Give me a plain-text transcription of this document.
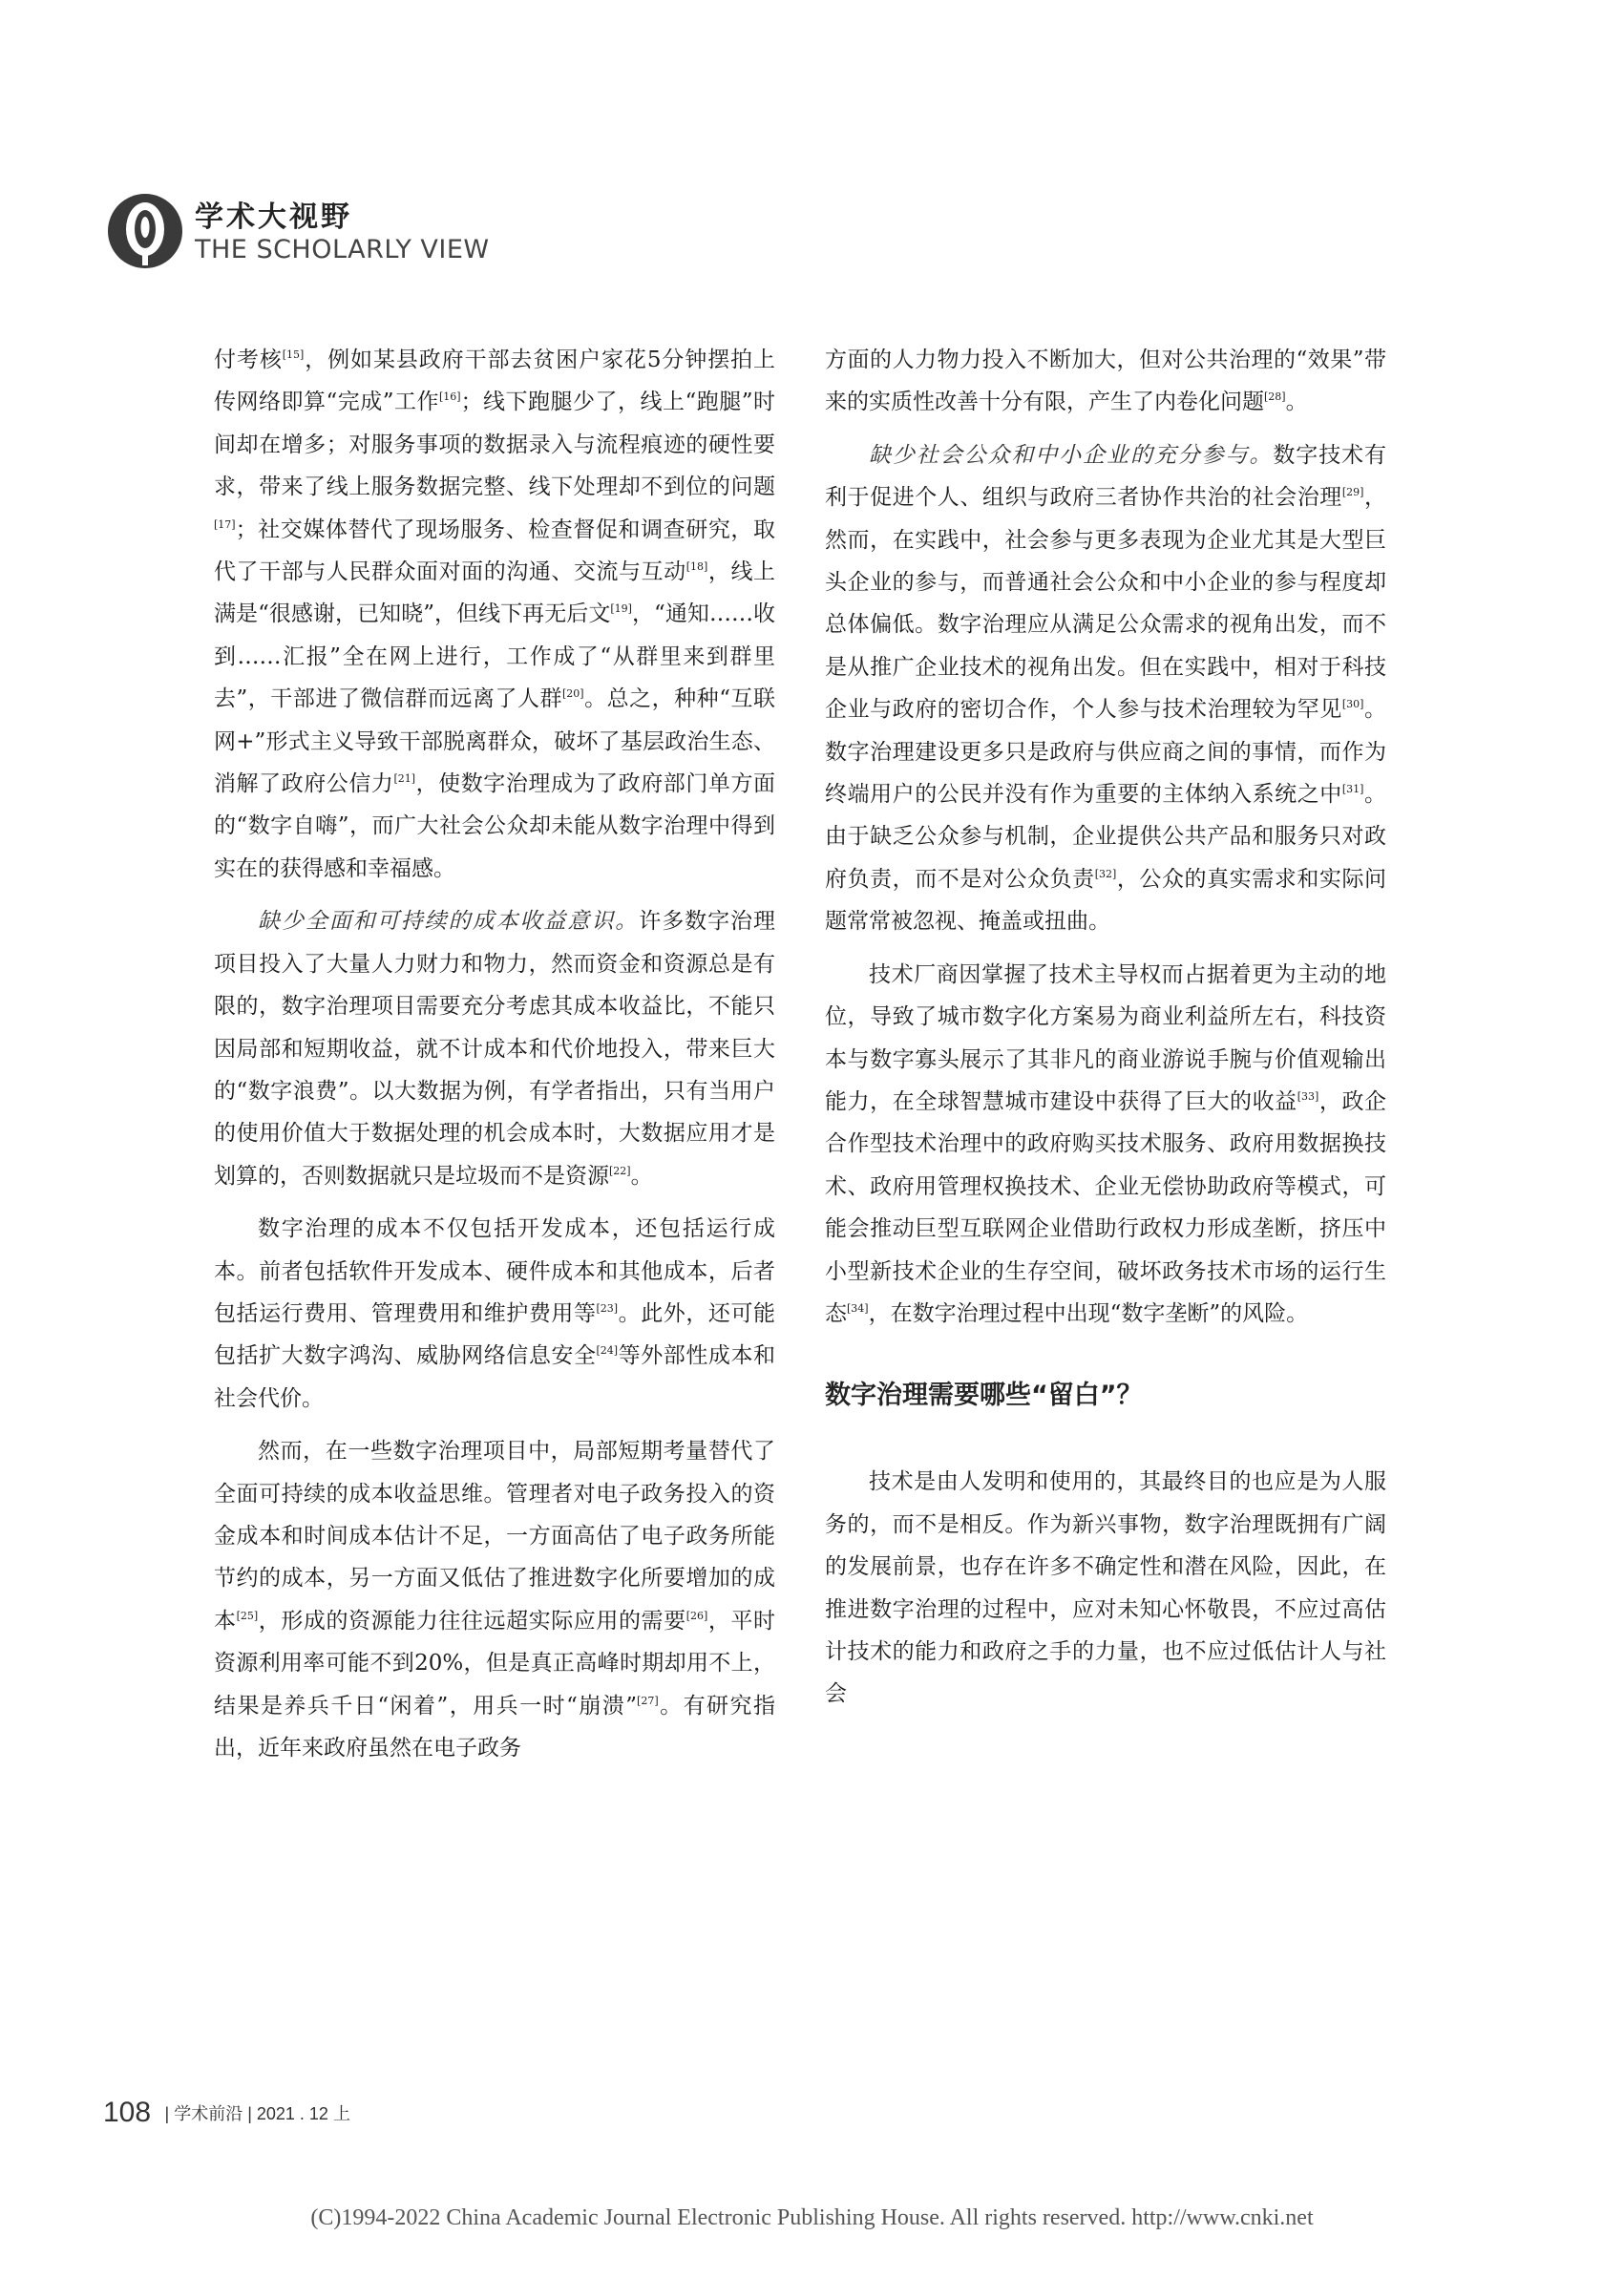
学术大视野
THE SCHOLARLY VIEW

付考核[15]，例如某县政府干部去贫困户家花5分钟摆拍上传网络即算“完成”工作[16]；线下跑腿少了，线上“跑腿”时间却在增多；对服务事项的数据录入与流程痕迹的硬性要求，带来了线上服务数据完整、线下处理却不到位的问题[17]；社交媒体替代了现场服务、检查督促和调查研究，取代了干部与人民群众面对面的沟通、交流与互动[18]，线上满是“很感谢，已知晓”，但线下再无后文[19]，“通知……收到……汇报”全在网上进行，工作成了“从群里来到群里去”，干部进了微信群而远离了人群[20]。总之，种种“互联网+”形式主义导致干部脱离群众，破坏了基层政治生态、消解了政府公信力[21]，使数字治理成为了政府部门单方面的“数字自嗨”，而广大社会公众却未能从数字治理中得到实在的获得感和幸福感。

缺少全面和可持续的成本收益意识。许多数字治理项目投入了大量人力财力和物力，然而资金和资源总是有限的，数字治理项目需要充分考虑其成本收益比，不能只因局部和短期收益，就不计成本和代价地投入，带来巨大的“数字浪费”。以大数据为例，有学者指出，只有当用户的使用价值大于数据处理的机会成本时，大数据应用才是划算的，否则数据就只是垃圾而不是资源[22]。

数字治理的成本不仅包括开发成本，还包括运行成本。前者包括软件开发成本、硬件成本和其他成本，后者包括运行费用、管理费用和维护费用等[23]。此外，还可能包括扩大数字鸿沟、威胁网络信息安全[24]等外部性成本和社会代价。

然而，在一些数字治理项目中，局部短期考量替代了全面可持续的成本收益思维。管理者对电子政务投入的资金成本和时间成本估计不足，一方面高估了电子政务所能节约的成本，另一方面又低估了推进数字化所要增加的成本[25]，形成的资源能力往往远超实际应用的需要[26]，平时资源利用率可能不到20%，但是真正高峰时期却用不上，结果是养兵千日“闲着”，用兵一时“崩溃”[27]。有研究指出，近年来政府虽然在电子政务

方面的人力物力投入不断加大，但对公共治理的“效果”带来的实质性改善十分有限，产生了内卷化问题[28]。

缺少社会公众和中小企业的充分参与。数字技术有利于促进个人、组织与政府三者协作共治的社会治理[29]，然而，在实践中，社会参与更多表现为企业尤其是大型巨头企业的参与，而普通社会公众和中小企业的参与程度却总体偏低。数字治理应从满足公众需求的视角出发，而不是从推广企业技术的视角出发。但在实践中，相对于科技企业与政府的密切合作，个人参与技术治理较为罕见[30]。数字治理建设更多只是政府与供应商之间的事情，而作为终端用户的公民并没有作为重要的主体纳入系统之中[31]。由于缺乏公众参与机制，企业提供公共产品和服务只对政府负责，而不是对公众负责[32]，公众的真实需求和实际问题常常被忽视、掩盖或扭曲。

技术厂商因掌握了技术主导权而占据着更为主动的地位，导致了城市数字化方案易为商业利益所左右，科技资本与数字寡头展示了其非凡的商业游说手腕与价值观输出能力，在全球智慧城市建设中获得了巨大的收益[33]，政企合作型技术治理中的政府购买技术服务、政府用数据换技术、政府用管理权换技术、企业无偿协助政府等模式，可能会推动巨型互联网企业借助行政权力形成垄断，挤压中小型新技术企业的生存空间，破坏政务技术市场的运行生态[34]，在数字治理过程中出现“数字垄断”的风险。

数字治理需要哪些“留白”？

技术是由人发明和使用的，其最终目的也应是为人服务的，而不是相反。作为新兴事物，数字治理既拥有广阔的发展前景，也存在许多不确定性和潜在风险，因此，在推进数字治理的过程中，应对未知心怀敬畏，不应过高估计技术的能力和政府之手的力量，也不应过低估计人与社会

108 | 学术前沿 | 2021 . 12 上
(C)1994-2022 China Academic Journal Electronic Publishing House. All rights reserved. http://www.cnki.net
